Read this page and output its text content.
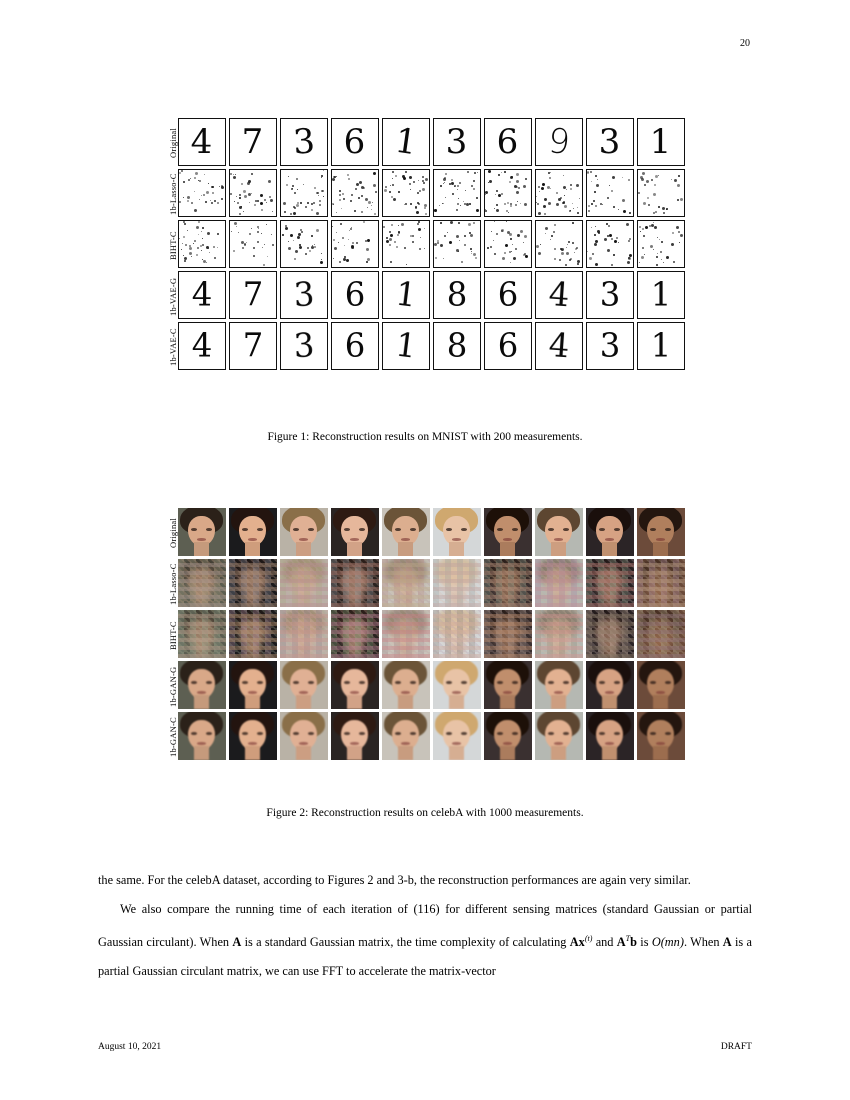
20
Original
1b-Lasso-C
BIHT-C
1b-VAE-G
1b-VAE-C
4 7 3 6 1 3 6 9 3 1
4 7 3 6 1 8 6 4 3 1
4 7 3 6 1 8 6 4 3 1
Figure 1: Reconstruction results on MNIST with 200 measurements.
Original
1b-Lasso-C
BIHT-C
1b-GAN-G
1b-GAN-C
Figure 2: Reconstruction results on celebA with 1000 measurements.

the same. For the celebA dataset, according to Figures 2 and 3-b, the reconstruction performances are again very similar.

We also compare the running time of each iteration of (116) for different sensing matrices (standard Gaussian or partial Gaussian circulant). When A is a standard Gaussian matrix, the time complexity of calculating Ax$^{(t)}$ and $A^Tb$ is O(mn). When A is a partial Gaussian circulant matrix, we can use FFT to accelerate the matrix-vector

August 10, 2021	DRAFT
